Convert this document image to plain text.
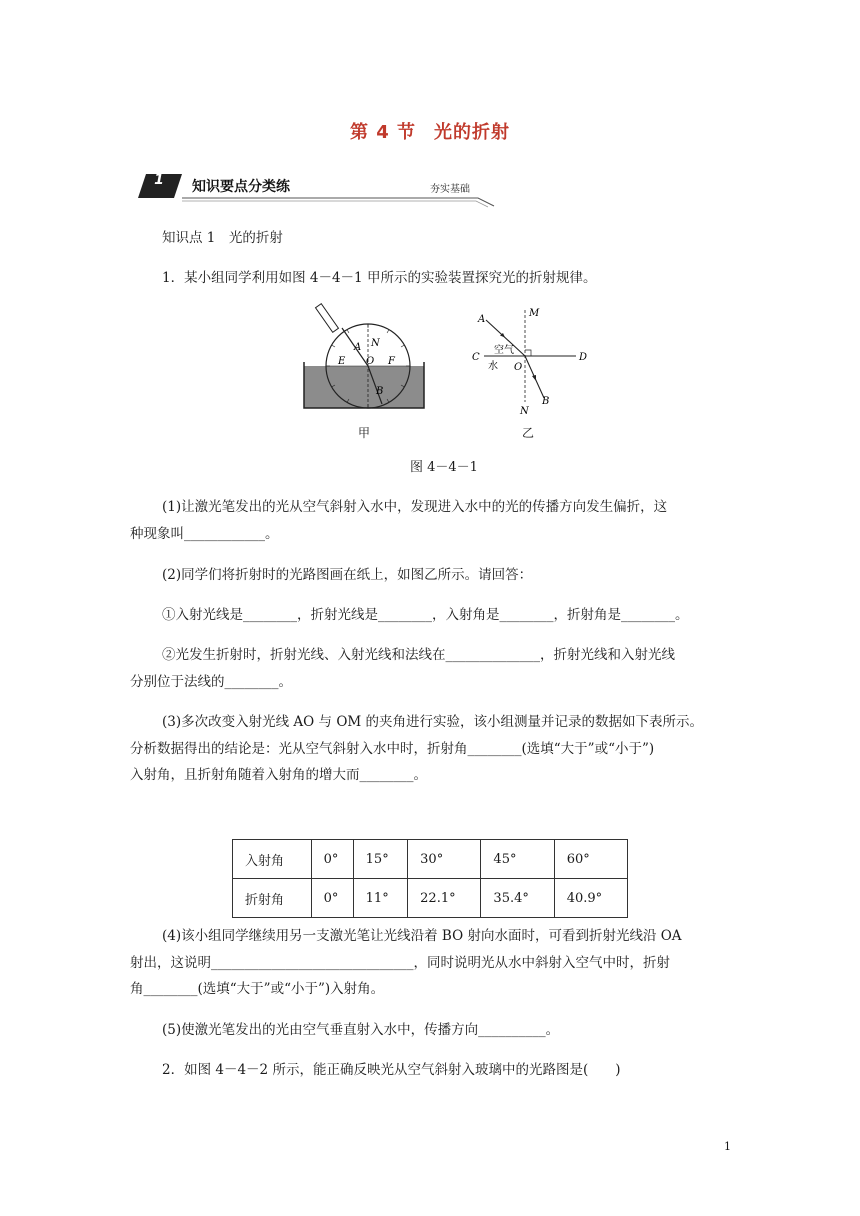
第 4 节 光的折射
1	知识要点分类练	夯实基础
知识点 1　光的折射
1．某小组同学利用如图 4－4－1 甲所示的实验装置探究光的折射规律。
A N
E O F
B
A
M
C
O
D
N
B
空气
水
甲	乙
图 4－4－1
(1)让激光笔发出的光从空气斜射入水中，发现进入水中的光的传播方向发生偏折，这
种现象叫____________。
(2)同学们将折射时的光路图画在纸上，如图乙所示。请回答：
①入射光线是________，折射光线是________，入射角是________，折射角是________。
②光发生折射时，折射光线、入射光线和法线在______________，折射光线和入射光线
分别位于法线的________。
(3)多次改变入射光线 AO 与 OM 的夹角进行实验，该小组测量并记录的数据如下表所示。
分析数据得出的结论是：光从空气斜射入水中时，折射角________(选填“大于”或“小于”)
入射角，且折射角随着入射角的增大而________。
入射角	0°	15°	30°	45°	60°
折射角	0°	11°	22.1°	35.4°	40.9°
(4)该小组同学继续用另一支激光笔让光线沿着 BO 射向水面时，可看到折射光线沿 OA
射出，这说明______________________________，同时说明光从水中斜射入空气中时，折射
角________(选填“大于”或“小于”)入射角。
(5)使激光笔发出的光由空气垂直射入水中，传播方向__________。
2．如图 4－4－2 所示，能正确反映光从空气斜射入玻璃中的光路图是(　　)
1
